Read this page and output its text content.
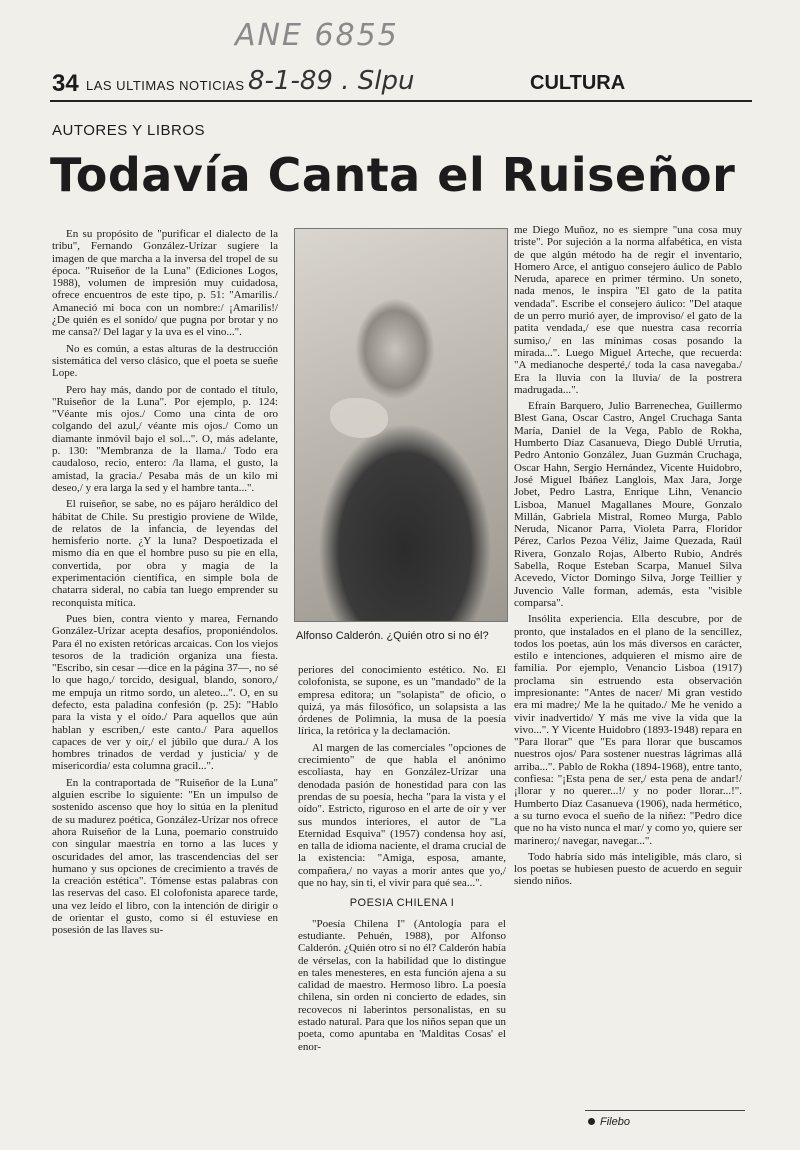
ANE 6855
8-1-89 . Slpu
34 LAS ULTIMAS NOTICIAS	CULTURA
AUTORES Y LIBROS
Todavía Canta el Ruiseñor

En su propósito de "purificar el dialecto de la tribu", Fernando González-Urízar sugiere la imagen de que marcha a la inversa del tropel de su época. "Ruiseñor de la Luna" (Ediciones Logos, 1988), volumen de impresión muy cuidadosa, ofrece encuentros de este tipo, p. 51: "Amarilis./ Amaneció mi boca con un nombre:/ ¡Amarilis!/ ¿De quién es el sonido/ que pugna por brotar y no me cansa?/ Del lagar y la uva es el vino...".

No es común, a estas alturas de la destrucción sistemática del verso clásico, que el poeta se sueñe Lope.

Pero hay más, dando por de contado el título, "Ruiseñor de la Luna". Por ejemplo, p. 124: "Véante mis ojos./ Como una cinta de oro colgando del azul,/ véante mis ojos./ Como un diamante inmóvil bajo el sol...". O, más adelante, p. 130: "Membranza de la llama./ Todo era caudaloso, recio, entero: /la llama, el gusto, la amistad, la gracia./ Pesaba más de un kilo mi deseo,/ y era larga la sed y el hambre tanta...".

El ruiseñor, se sabe, no es pájaro heráldico del hábitat de Chile. Su prestigio proviene de Wilde, de relatos de la infancia, de leyendas del hemisferio norte. ¿Y la luna? Despoetizada el mismo día en que el hombre puso su pie en ella, convertida, por obra y magia de la experimentación científica, en simple bola de chatarra sideral, no cabía tan luego emprender su reconquista mítica.

Pues bien, contra viento y marea, Fernando González-Urízar acepta desafíos, proponiéndolos. Para él no existen retóricas arcaicas. Con los viejos tesoros de la tradición organiza una fiesta. "Escribo, sin cesar —dice en la página 37—, no sé lo que hago,/ torcido, desigual, blando, sonoro,/ me empuja un ritmo sordo, un aleteo...". O, en su defecto, esta paladina confesión (p. 25): "Hablo para la vista y el oído./ Para aquellos que aún hablan y escriben,/ este canto./ Para aquellos capaces de ver y oír,/ el júbilo que dura./ A los hombres trinados de verdad y justicia/ y de misericordia/ esta columna gracil...".

En la contraportada de "Ruiseñor de la Luna" alguien escribe lo siguiente: "En un impulso de sostenido ascenso que hoy lo sitúa en la plenitud de su madurez poética, González-Urízar nos ofrece ahora Ruiseñor de la Luna, poemario construido con singular maestría en torno a las luces y oscuridades del amor, las trascendencias del ser humano y sus opciones de crecimiento a través de la creación estética". Tómense estas palabras con las reservas del caso. El colofonista aparece tarde, una vez leído el libro, con la intención de dirigir o de orientar el gusto, como si él estuviese en posesión de las llaves su-

Alfonso Calderón. ¿Quién otro si no él?

periores del conocimiento estético. No. El colofonista, se supone, es un "mandado" de la empresa editora; un "solapista" de oficio, o quizá, ya más filosófico, un solapsista a las órdenes de Polimnia, la musa de la poesía lírica, la retórica y la declamación.

Al margen de las comerciales "opciones de crecimiento" de que habla el anónimo escoliasta, hay en González-Urízar una denodada pasión de honestidad para con las prendas de su poesía, hecha "para la vista y el oído". Estricto, riguroso en el arte de oír y ver sus mundos interiores, el autor de "La Eternidad Esquiva" (1957) condensa hoy así, en talla de idioma naciente, el drama crucial de la existencia: "Amiga, esposa, amante, compañera,/ no vayas a morir antes que yo,/ que no hay, sin ti, el vivir para qué sea...".

POESIA CHILENA I

"Poesía Chilena I" (Antología para el estudiante. Pehuén, 1988), por Alfonso Calderón. ¿Quién otro si no él? Calderón había de vérselas, con la habilidad que lo distingue en tales menesteres, en esta función ajena a su calidad de maestro. Hermoso libro. La poesía chilena, sin orden ni concierto de edades, sin recovecos ni laberintos personalistas, en su estado natural. Para que los niños sepan que un poeta, como apuntaba en 'Malditas Cosas' el enor-

me Diego Muñoz, no es siempre "una cosa muy triste". Por sujeción a la norma alfabética, en vista de que algún método ha de regir el inventario, Homero Arce, el antiguo consejero áulico de Pablo Neruda, aparece en primer término. Un soneto, nada menos, le inspira "El gato de la patita vendada". Escribe el consejero áulico: "Del ataque de un perro murió ayer, de improviso/ el gato de la patita vendada,/ ese que nuestra casa recorría sumiso,/ en las mínimas cosas posando la mirada...". Luego Miguel Arteche, que recuerda: "A medianoche desperté,/ toda la casa navegaba./ Era la lluvia con la lluvia/ de la postrera madrugada...".

Efraín Barquero, Julio Barrenechea, Guillermo Blest Gana, Oscar Castro, Angel Cruchaga Santa María, Daniel de la Vega, Pablo de Rokha, Humberto Díaz Casanueva, Diego Dublé Urrutia, Pedro Antonio González, Juan Guzmán Cruchaga, Oscar Hahn, Sergio Hernández, Vicente Huidobro, José Miguel Ibáñez Langlois, Max Jara, Jorge Jobet, Pedro Lastra, Enrique Lihn, Venancio Lisboa, Manuel Magallanes Moure, Gonzalo Millán, Gabriela Mistral, Romeo Murga, Pablo Neruda, Nicanor Parra, Violeta Parra, Floridor Pérez, Carlos Pezoa Véliz, Jaime Quezada, Raúl Rivera, Gonzalo Rojas, Alberto Rubio, Andrés Sabella, Roque Esteban Scarpa, Manuel Silva Acevedo, Víctor Domingo Silva, Jorge Teillier y Juvencio Valle forman, además, esta "visible comparsa".

Insólita experiencia. Ella descubre, por de pronto, que instalados en el plano de la sencillez, todos los poetas, aún los más diversos en carácter, estilo e intenciones, adquieren el mismo aire de familia. Por ejemplo, Venancio Lisboa (1917) proclama sin estruendo esta observación impresionante: "Antes de nacer/ Mi gran vestido era mi madre;/ Me la he quitado./ Me he venido a vivir inadvertido/ Y más me vive la vida que la vivo...". Y Vicente Huidobro (1893-1948) repara en "Para llorar" que "Es para llorar que buscamos nuestros ojos/ Para sostener nuestras lágrimas allá arriba...". Pablo de Rokha (1894-1968), entre tanto, confiesa: "¡Esta pena de ser,/ esta pena de andar!/ ¡llorar y no querer...!/ y no poder llorar...!". Humberto Díaz Casanueva (1906), nada hermético, a su turno evoca el sueño de la niñez: "Pedro dice que no ha visto nunca el mar/ y como yo, quiere ser marinero;/ navegar, navegar...".

Todo habría sido más inteligible, más claro, si los poetas se hubiesen puesto de acuerdo en seguir siendo niños.

Filebo
